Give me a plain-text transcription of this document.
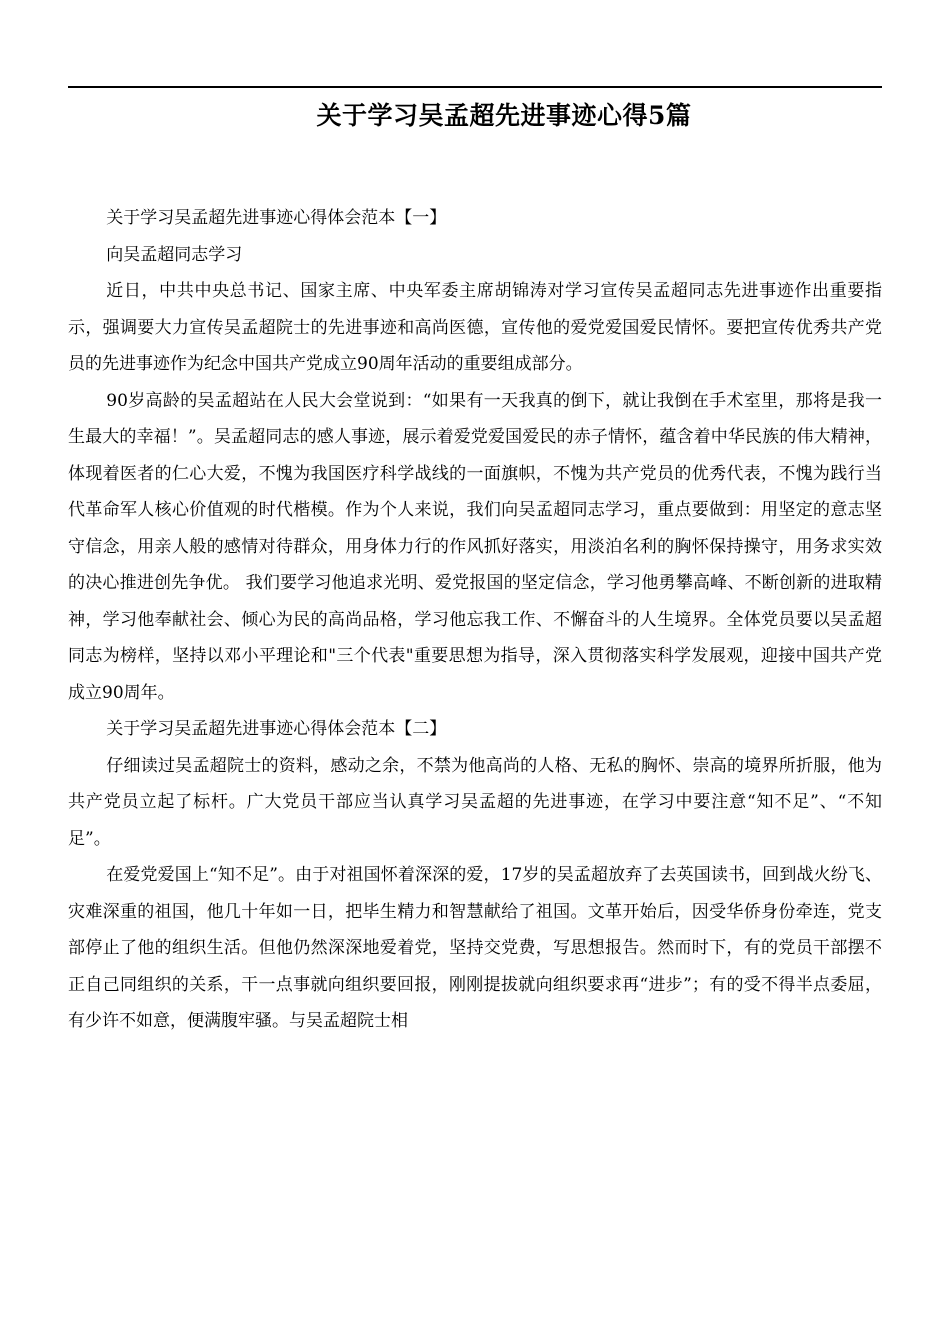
关于学习吴孟超先进事迹心得5篇

关于学习吴孟超先进事迹心得体会范本【一】

向吴孟超同志学习

近日，中共中央总书记、国家主席、中央军委主席胡锦涛对学习宣传吴孟超同志先进事迹作出重要指示，强调要大力宣传吴孟超院士的先进事迹和高尚医德，宣传他的爱党爱国爱民情怀。要把宣传优秀共产党员的先进事迹作为纪念中国共产党成立90周年活动的重要组成部分。

90岁高龄的吴孟超站在人民大会堂说到：“如果有一天我真的倒下，就让我倒在手术室里，那将是我一生最大的幸福！”。吴孟超同志的感人事迹，展示着爱党爱国爱民的赤子情怀，蕴含着中华民族的伟大精神，体现着医者的仁心大爱，不愧为我国医疗科学战线的一面旗帜，不愧为共产党员的优秀代表，不愧为践行当代革命军人核心价值观的时代楷模。作为个人来说，我们向吴孟超同志学习，重点要做到：用坚定的意志坚守信念，用亲人般的感情对待群众，用身体力行的作风抓好落实，用淡泊名利的胸怀保持操守，用务求实效的决心推进创先争优。 我们要学习他追求光明、爱党报国的坚定信念，学习他勇攀高峰、不断创新的进取精神，学习他奉献社会、倾心为民的高尚品格，学习他忘我工作、不懈奋斗的人生境界。全体党员要以吴孟超同志为榜样，坚持以邓小平理论和"三个代表"重要思想为指导，深入贯彻落实科学发展观，迎接中国共产党成立90周年。

关于学习吴孟超先进事迹心得体会范本【二】

仔细读过吴孟超院士的资料，感动之余，不禁为他高尚的人格、无私的胸怀、崇高的境界所折服，他为共产党员立起了标杆。广大党员干部应当认真学习吴孟超的先进事迹，在学习中要注意“知不足”、“不知足”。

在爱党爱国上“知不足”。由于对祖国怀着深深的爱，17岁的吴孟超放弃了去英国读书，回到战火纷飞、灾难深重的祖国，他几十年如一日，把毕生精力和智慧献给了祖国。文革开始后，因受华侨身份牵连，党支部停止了他的组织生活。但他仍然深深地爱着党，坚持交党费，写思想报告。然而时下，有的党员干部摆不正自己同组织的关系，干一点事就向组织要回报，刚刚提拔就向组织要求再“进步”；有的受不得半点委屈，有少许不如意，便满腹牢骚。与吴孟超院士相
